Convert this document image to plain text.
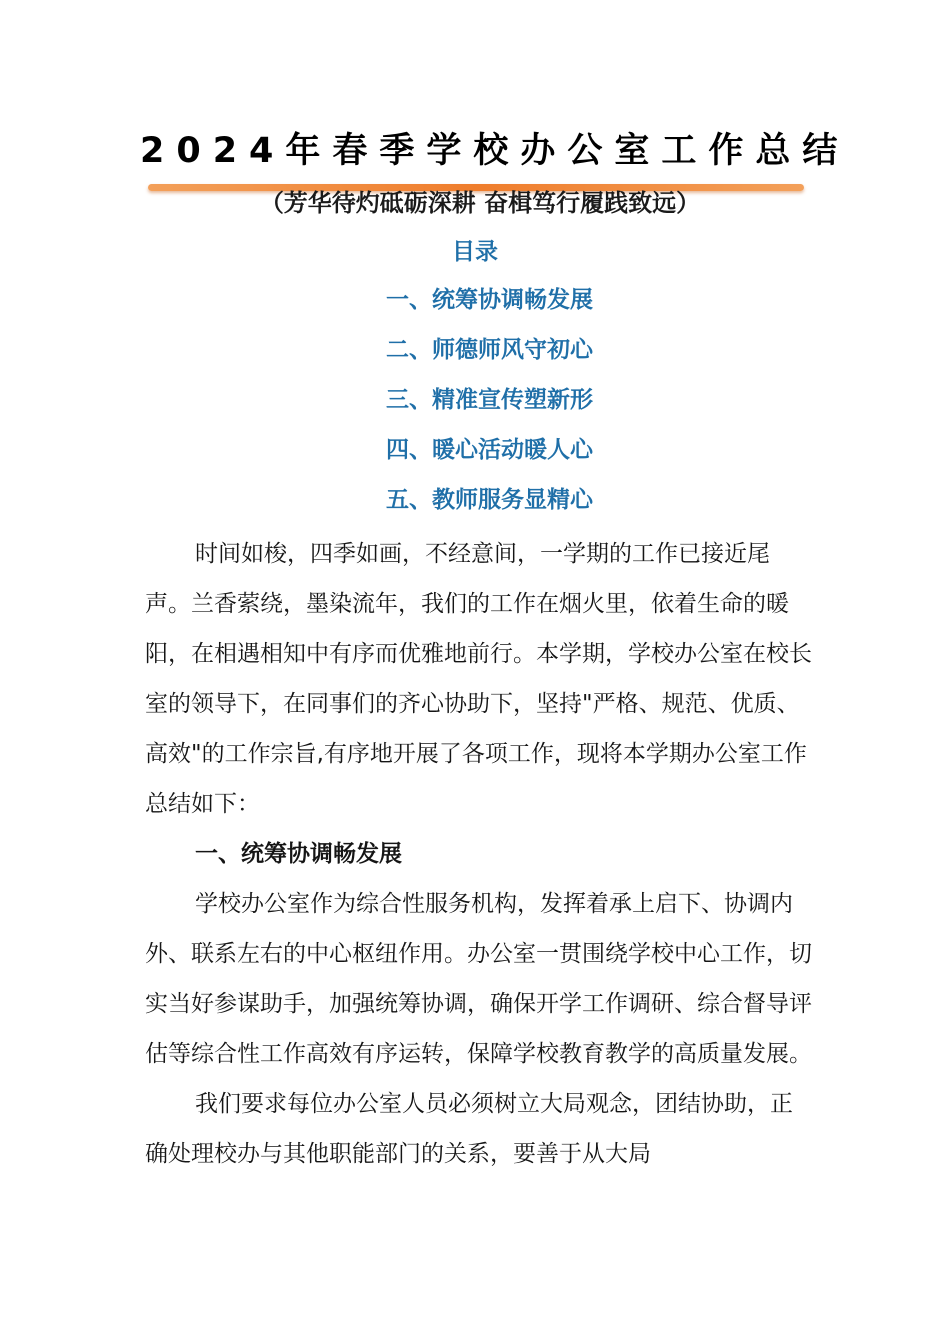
2024年春季学校办公室工作总结
（芳华待灼砥砺深耕 奋楫笃行履践致远）
目录
一、统筹协调畅发展
二、师德师风守初心
三、精准宣传塑新形
四、暖心活动暖人心
五、教师服务显精心

时间如梭，四季如画，不经意间，一学期的工作已接近尾声。兰香萦绕，墨染流年，我们的工作在烟火里，依着生命的暖阳，在相遇相知中有序而优雅地前行。本学期，学校办公室在校长室的领导下，在同事们的齐心协助下，坚持"严格、规范、优质、高效"的工作宗旨,有序地开展了各项工作，现将本学期办公室工作总结如下：

一、统筹协调畅发展

学校办公室作为综合性服务机构，发挥着承上启下、协调内外、联系左右的中心枢纽作用。办公室一贯围绕学校中心工作，切实当好参谋助手，加强统筹协调，确保开学工作调研、综合督导评估等综合性工作高效有序运转，保障学校教育教学的高质量发展。

我们要求每位办公室人员必须树立大局观念，团结协助，正确处理校办与其他职能部门的关系，要善于从大局
